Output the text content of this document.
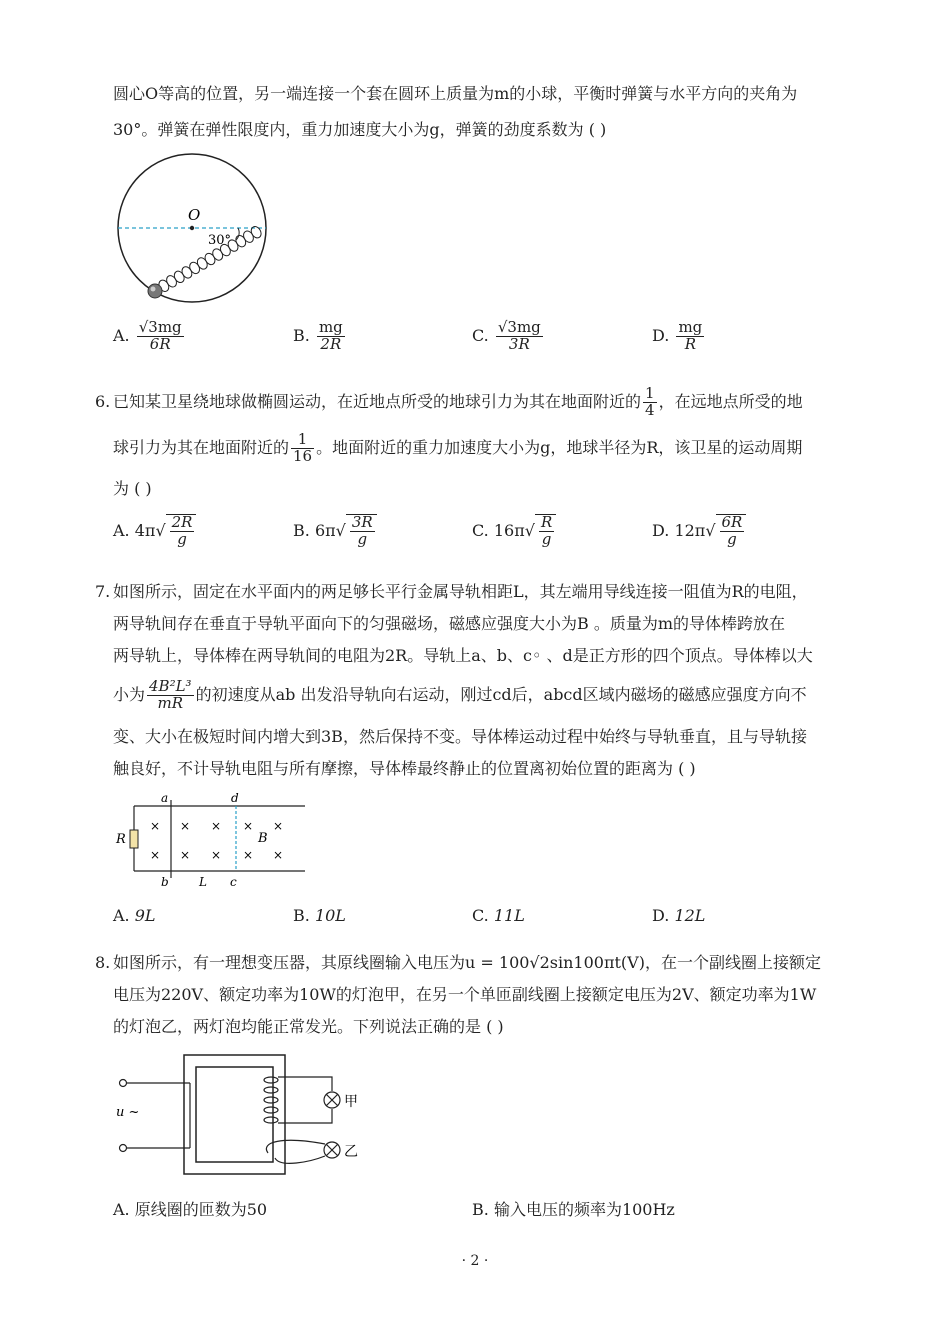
圆心O等高的位置，另一端连接一个套在圆环上质量为m的小球，平衡时弹簧与水平方向的夹角为
30°。弹簧在弹性限度内，重力加速度大小为g，弹簧的劲度系数为 ( )
O
30°
A. $\frac{√3mg}{6R}$	B. $\frac{mg}{2R}$	C. $\frac{√3mg}{3R}$	D. $\frac{mg}{R}$
6. 已知某卫星绕地球做椭圆运动，在近地点所受的地球引力为其在地面附近的 $\frac{1}{4}$ ，在远地点所受的地
球引力为其在地面附近的 $\frac{1}{16}$ 。地面附近的重力加速度大小为g，地球半径为R，该卫星的运动周期
为 ( )
A. $4\pi√ \frac{2R}{g}$	B. $6\pi√ \frac{3R}{g}$	C. $16\pi√ \frac{R}{g}$	D. $12\pi√ \frac{6R}{g}$
7. 如图所示，固定在水平面内的两足够长平行金属导轨相距L，其左端用导线连接一阻值为R的电阻，
两导轨间存在垂直于导轨平面向下的匀强磁场，磁感应强度大小为B 。质量为m的导体棒跨放在
两导轨上，导体棒在两导轨间的电阻为2R。导轨上a、b、c◦ 、d是正方形的四个顶点。导体棒以大
小为 $\frac{\text{4B²L³}}{mR}$ 的初速度从ab 出发沿导轨向右运动，刚过cd后，abcd区域内磁场的磁感应强度方向不
变、大小在极短时间内增大到3B，然后保持不变。导体棒运动过程中始终与导轨垂直，且与导轨接
触良好，不计导轨电阻与所有摩擦，导体棒最终静止的位置离初始位置的距离为 ( )
R
a
b	c
d
L
B
×
×
×
×
×
×
×
×
×
×
A. 9L	B. 10L	C. 11L	D. 12L
8. 如图所示，有一理想变压器，其原线圈输入电压为u = 100√2sin100πt(V)，在一个副线圈上接额定
电压为220V、额定功率为10W的灯泡甲，在另一个单匝副线圈上接额定电压为2V、额定功率为1W
的灯泡乙，两灯泡均能正常发光。下列说法正确的是 ( )
u ~
甲
乙
A. 原线圈的匝数为50	B. 输入电压的频率为100Hz
· 2 ·
